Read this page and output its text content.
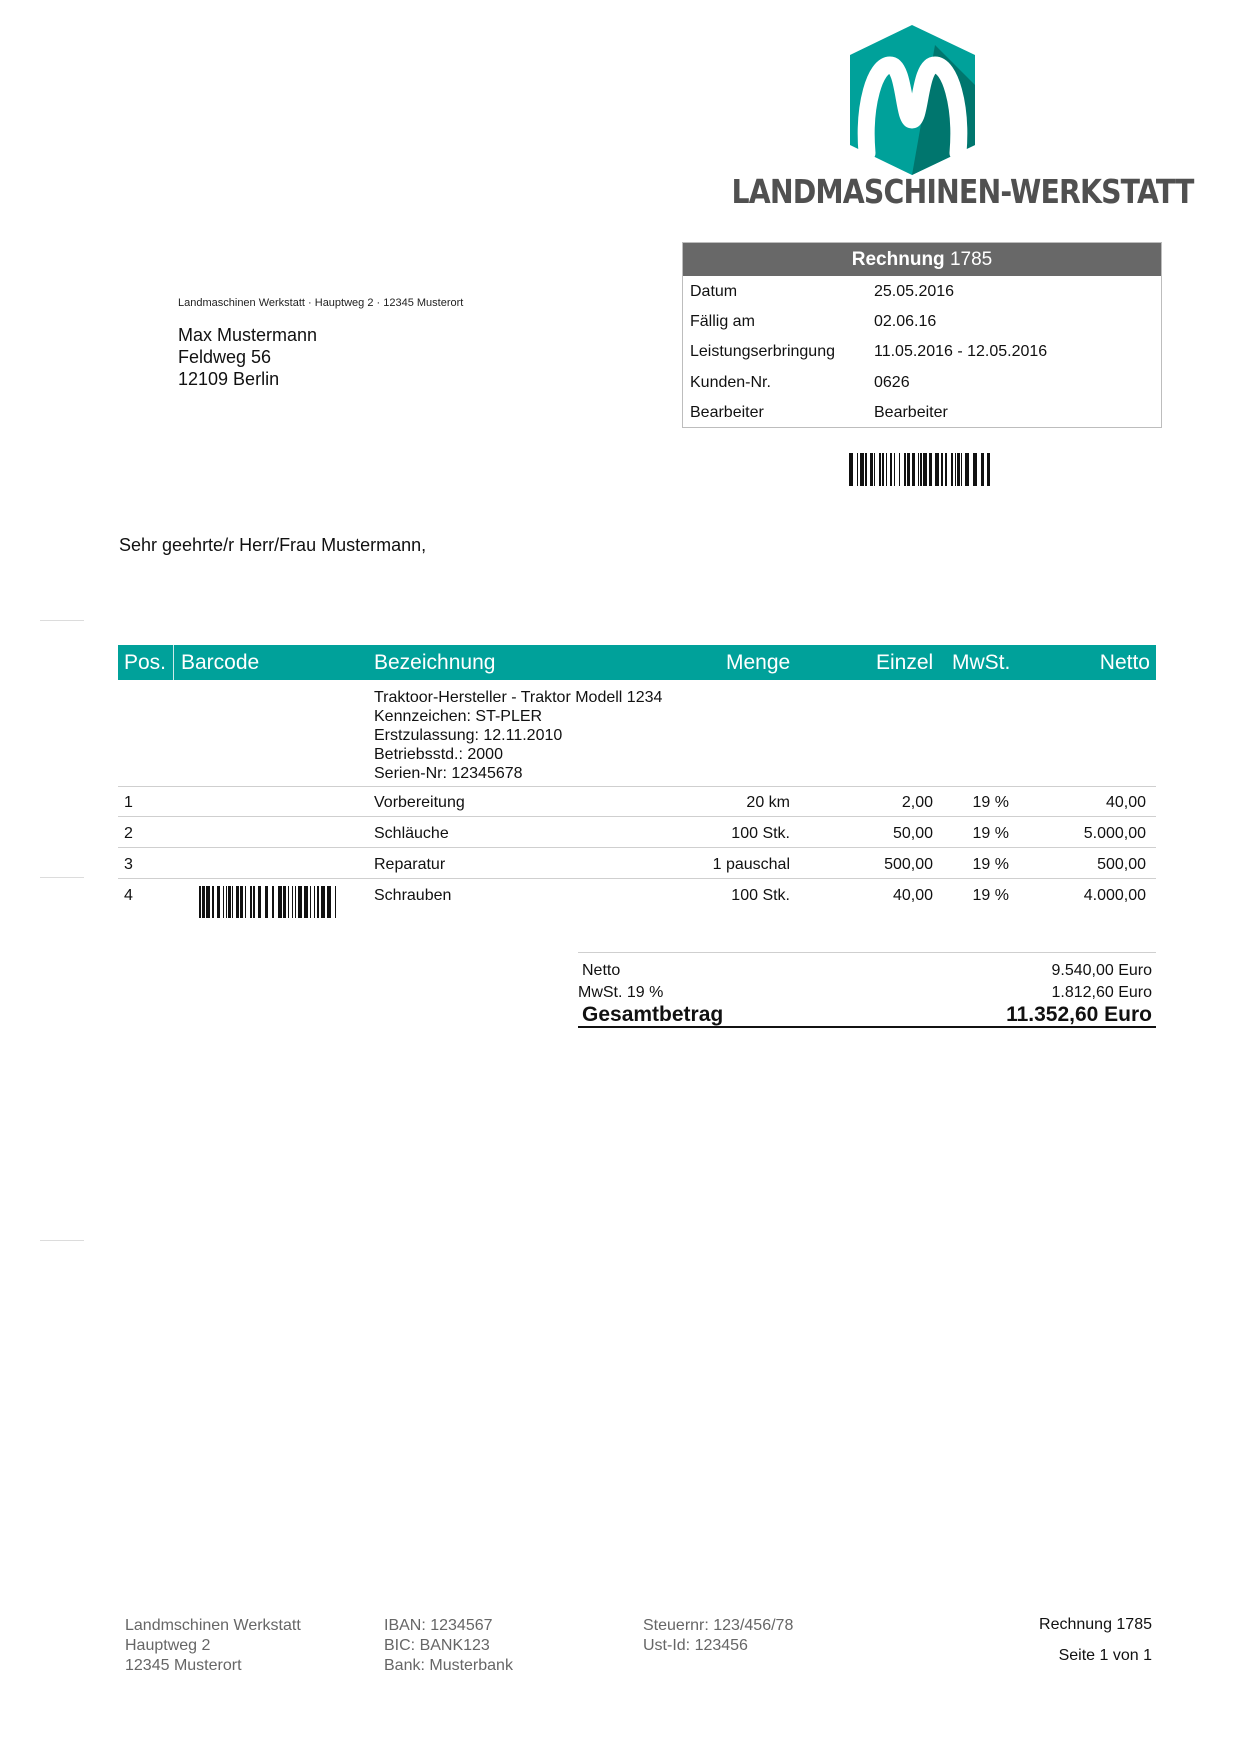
LANDMASCHINEN-WERKSTATT
Rechnung 1785
Datum	25.05.2016
Fällig am	02.06.16
Leistungserbringung 11.05.2016 - 12.05.2016
Kunden-Nr.	0626
Bearbeiter	Bearbeiter
Landmaschinen Werkstatt · Hauptweg 2 · 12345 Musterort
Max Mustermann
Feldweg 56
12109 Berlin
Sehr geehrte/r Herr/Frau Mustermann,
Pos. Barcode	Bezeichnung	Menge	Einzel MwSt.	Netto
Traktoor-Hersteller - Traktor Modell 1234
Kennzeichen: ST-PLER
Erstzulassung: 12.11.2010
Betriebsstd.: 2000
Serien-Nr: 12345678
1	Vorbereitung	20 km	2,00 19 %	40,00
2	Schläuche	100 Stk.	50,00 19 %	5.000,00
3	Reparatur	1 pauschal	500,00 19 %	500,00
4	Schrauben	100 Stk.	40,00 19 %	4.000,00
Netto	9.540,00 Euro
MwSt. 19 %	1.812,60 Euro
Gesamtbetrag	11.352,60 Euro
Landmschinen Werkstatt
Hauptweg 2
12345 Musterort
IBAN: 1234567
BIC: BANK123
Bank: Musterbank
Steuernr: 123/456/78
Ust-Id: 123456
Rechnung 1785
Seite 1 von 1
